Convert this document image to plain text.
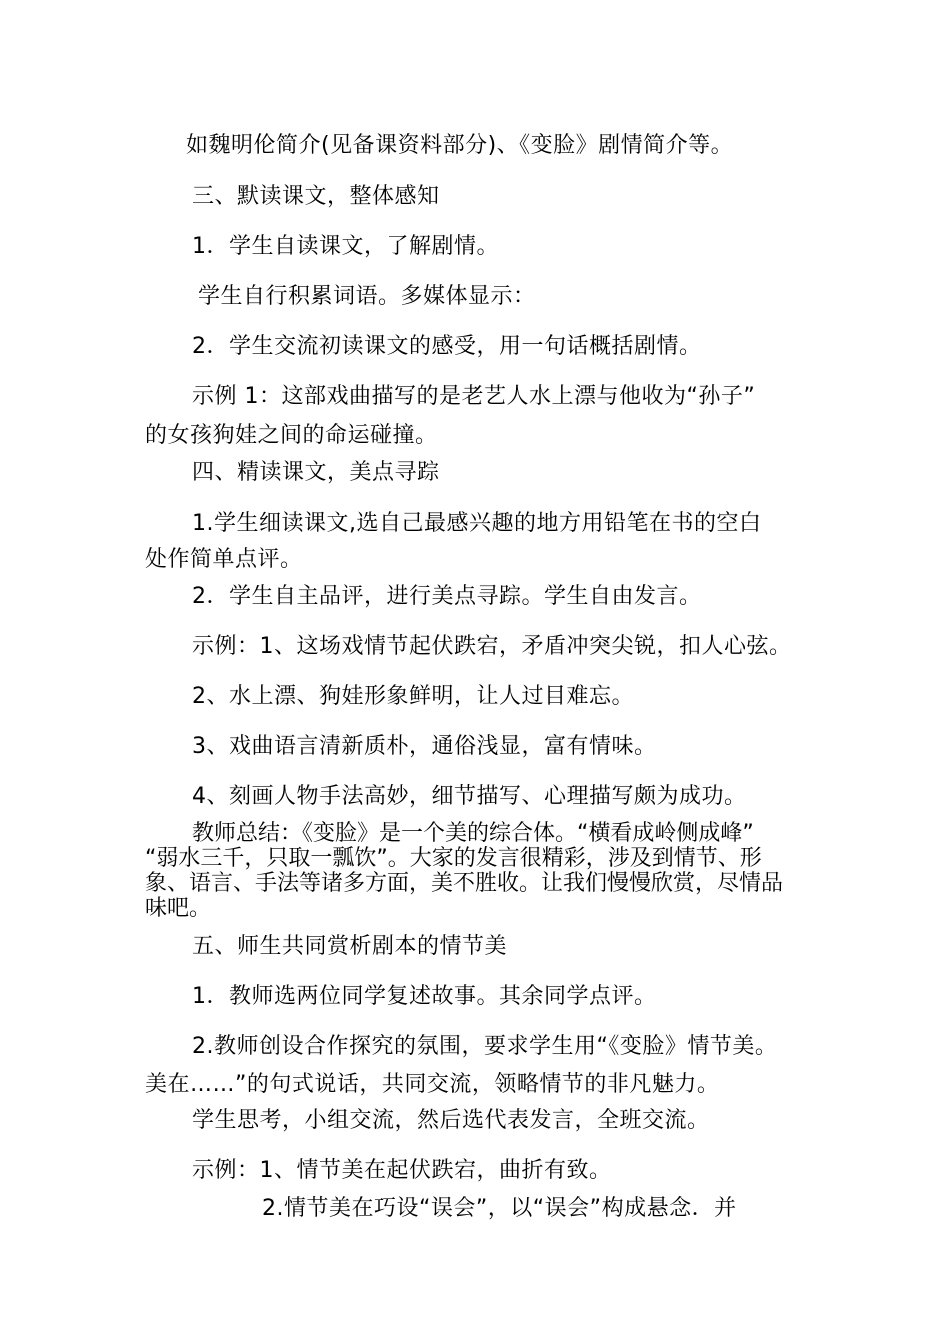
如魏明伦简介(见备课资料部分)、《变脸》剧情简介等。

三、默读课文，整体感知

1．学生自读课文，了解剧情。

学生自行积累词语。多媒体显示：

2．学生交流初读课文的感受，用一句话概括剧情。

示例 1：这部戏曲描写的是老艺人水上漂与他收为“孙子”

的女孩狗娃之间的命运碰撞。

四、精读课文，美点寻踪

1.学生细读课文,选自己最感兴趣的地方用铅笔在书的空白

处作简单点评。

2．学生自主品评，进行美点寻踪。学生自由发言。

示例：1、这场戏情节起伏跌宕，矛盾冲突尖锐，扣人心弦。

2、水上漂、狗娃形象鲜明，让人过目难忘。

3、戏曲语言清新质朴，通俗浅显，富有情味。

4、刻画人物手法高妙，细节描写、心理描写颇为成功。

教师总结：《变脸》是一个美的综合体。“横看成岭侧成峰”

“弱水三千，只取一瓢饮”。大家的发言很精彩，涉及到情节、形

象、语言、手法等诸多方面，美不胜收。让我们慢慢欣赏，尽情品

味吧。

五、师生共同赏析剧本的情节美

1．教师选两位同学复述故事。其余同学点评。

2.教师创设合作探究的氛围，要求学生用“《变脸》情节美。

美在……”的句式说话，共同交流，领略情节的非凡魅力。

学生思考，小组交流，然后选代表发言，全班交流。

示例：1、情节美在起伏跌宕，曲折有致。

2.情节美在巧设“误会”，以“误会”构成悬念．并
